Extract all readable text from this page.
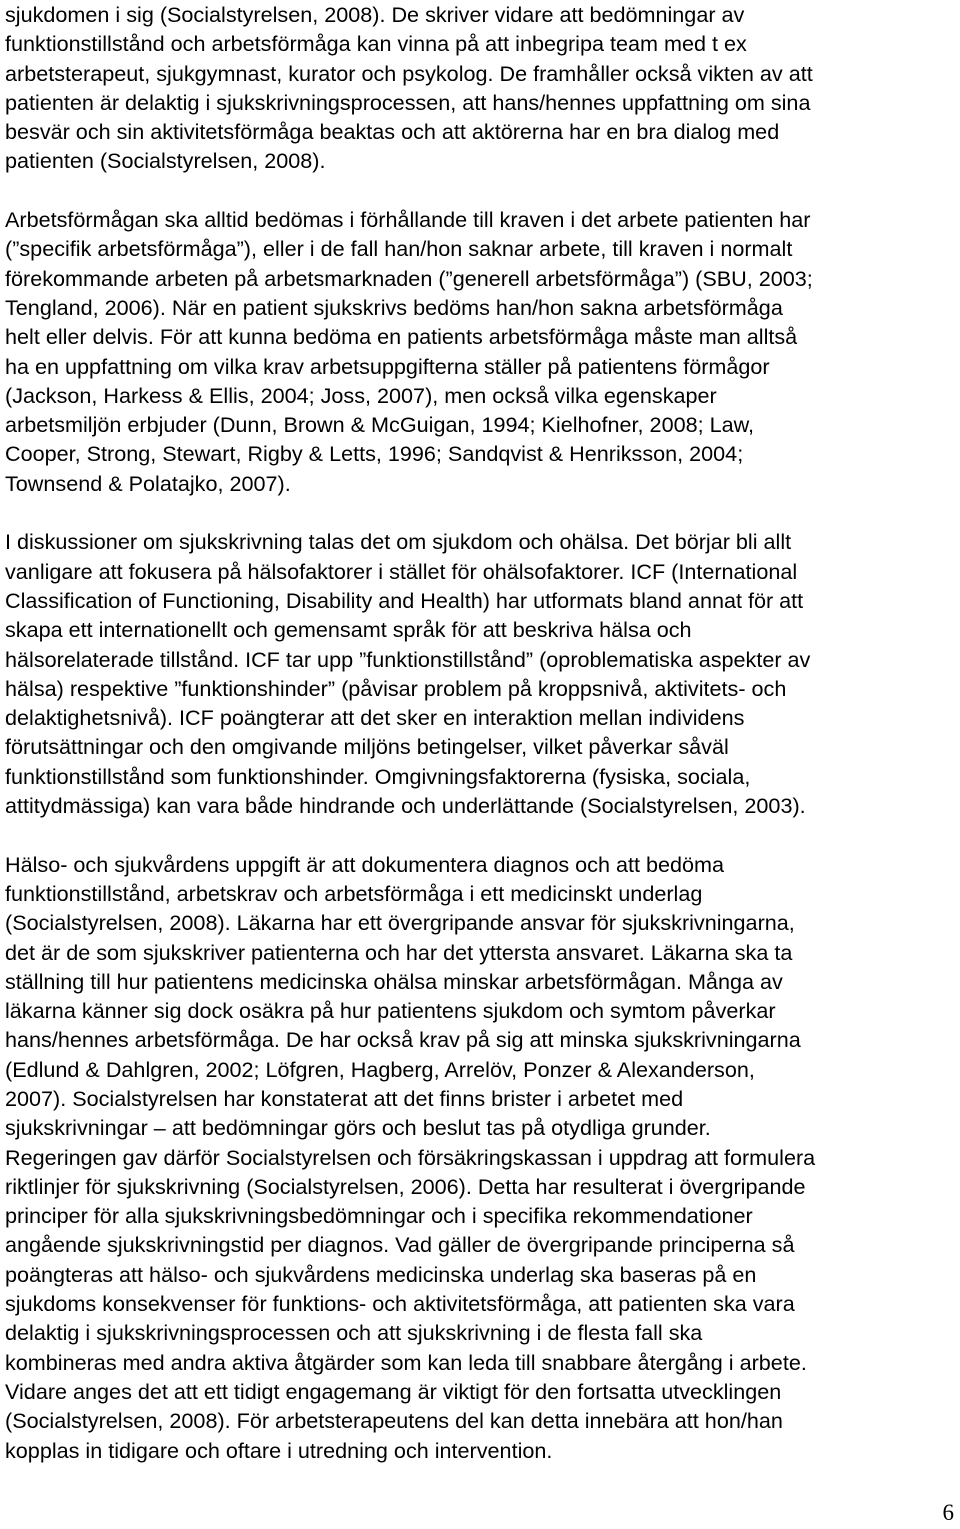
sjukdomen i sig (Socialstyrelsen, 2008). De skriver vidare att bedömningar av
funktionstillstånd och arbetsförmåga kan vinna på att inbegripa team med t ex
arbetsterapeut, sjukgymnast, kurator och psykolog. De framhåller också vikten av att
patienten är delaktig i sjukskrivningsprocessen, att hans/hennes uppfattning om sina
besvär och sin aktivitetsförmåga beaktas och att aktörerna har en bra dialog med
patienten (Socialstyrelsen, 2008).
Arbetsförmågan ska alltid bedömas i förhållande till kraven i det arbete patienten har
(”specifik arbetsförmåga”), eller i de fall han/hon saknar arbete, till kraven i normalt
förekommande arbeten på arbetsmarknaden (”generell arbetsförmåga”) (SBU, 2003;
Tengland, 2006). När en patient sjukskrivs bedöms han/hon sakna arbetsförmåga
helt eller delvis. För att kunna bedöma en patients arbetsförmåga måste man alltså
ha en uppfattning om vilka krav arbetsuppgifterna ställer på patientens förmågor
(Jackson, Harkess & Ellis, 2004; Joss, 2007), men också vilka egenskaper
arbetsmiljön erbjuder (Dunn, Brown & McGuigan, 1994; Kielhofner, 2008; Law,
Cooper, Strong, Stewart, Rigby & Letts, 1996; Sandqvist & Henriksson, 2004;
Townsend & Polatajko, 2007).
I diskussioner om sjukskrivning talas det om sjukdom och ohälsa. Det börjar bli allt
vanligare att fokusera på hälsofaktorer i stället för ohälsofaktorer. ICF (International
Classification of Functioning, Disability and Health) har utformats bland annat för att
skapa ett internationellt och gemensamt språk för att beskriva hälsa och
hälsorelaterade tillstånd. ICF tar upp ”funktionstillstånd” (oproblematiska aspekter av
hälsa) respektive ”funktionshinder” (påvisar problem på kroppsnivå, aktivitets- och
delaktighetsnivå). ICF poängterar att det sker en interaktion mellan individens
förutsättningar och den omgivande miljöns betingelser, vilket påverkar såväl
funktionstillstånd som funktionshinder. Omgivningsfaktorerna (fysiska, sociala,
attitydmässiga) kan vara både hindrande och underlättande (Socialstyrelsen, 2003).
Hälso- och sjukvårdens uppgift är att dokumentera diagnos och att bedöma
funktionstillstånd, arbetskrav och arbetsförmåga i ett medicinskt underlag
(Socialstyrelsen, 2008). Läkarna har ett övergripande ansvar för sjukskrivningarna,
det är de som sjukskriver patienterna och har det yttersta ansvaret. Läkarna ska ta
ställning till hur patientens medicinska ohälsa minskar arbetsförmågan. Många av
läkarna känner sig dock osäkra på hur patientens sjukdom och symtom påverkar
hans/hennes arbetsförmåga. De har också krav på sig att minska sjukskrivningarna
(Edlund & Dahlgren, 2002; Löfgren, Hagberg, Arrelöv, Ponzer & Alexanderson,
2007). Socialstyrelsen har konstaterat att det finns brister i arbetet med
sjukskrivningar – att bedömningar görs och beslut tas på otydliga grunder.
Regeringen gav därför Socialstyrelsen och försäkringskassan i uppdrag att formulera
riktlinjer för sjukskrivning (Socialstyrelsen, 2006). Detta har resulterat i övergripande
principer för alla sjukskrivningsbedömningar och i specifika rekommendationer
angående sjukskrivningstid per diagnos. Vad gäller de övergripande principerna så
poängteras att hälso- och sjukvårdens medicinska underlag ska baseras på en
sjukdoms konsekvenser för funktions- och aktivitetsförmåga, att patienten ska vara
delaktig i sjukskrivningsprocessen och att sjukskrivning i de flesta fall ska
kombineras med andra aktiva åtgärder som kan leda till snabbare återgång i arbete.
Vidare anges det att ett tidigt engagemang är viktigt för den fortsatta utvecklingen
(Socialstyrelsen, 2008). För arbetsterapeutens del kan detta innebära att hon/han
kopplas in tidigare och oftare i utredning och intervention.
6
